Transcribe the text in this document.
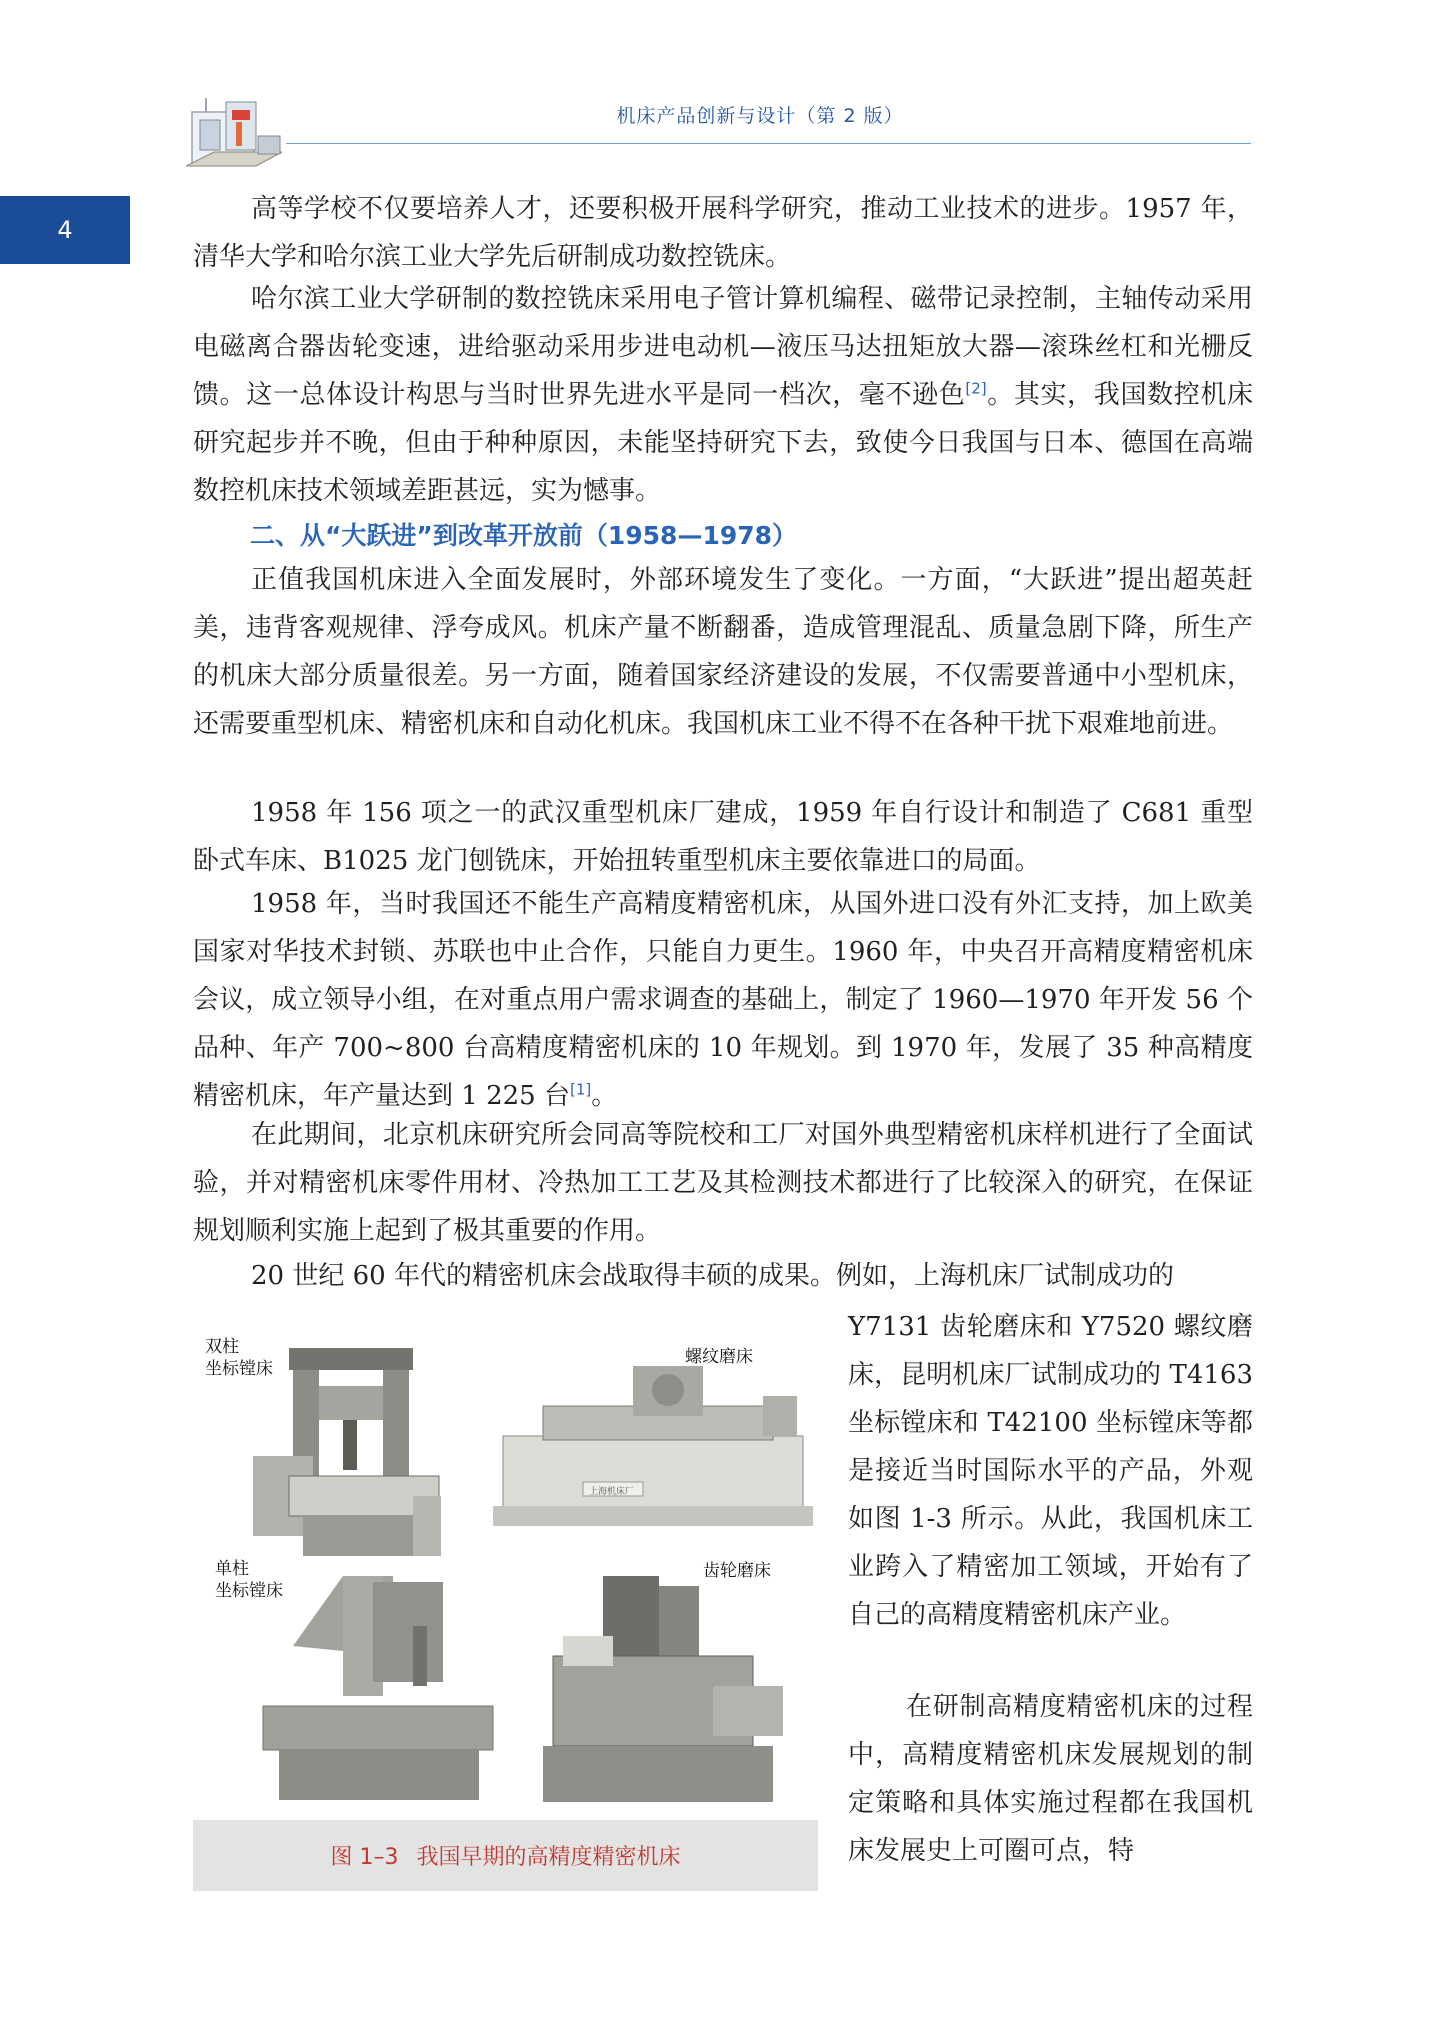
机床产品创新与设计（第 2 版）
4

高等学校不仅要培养人才，还要积极开展科学研究，推动工业技术的进步。1957 年，清华大学和哈尔滨工业大学先后研制成功数控铣床。

哈尔滨工业大学研制的数控铣床采用电子管计算机编程、磁带记录控制，主轴传动采用电磁离合器齿轮变速，进给驱动采用步进电动机—液压马达扭矩放大器—滚珠丝杠和光栅反馈。这一总体设计构思与当时世界先进水平是同一档次，毫不逊色[2]。其实，我国数控机床研究起步并不晚，但由于种种原因，未能坚持研究下去，致使今日我国与日本、德国在高端数控机床技术领域差距甚远，实为憾事。

二、从“大跃进”到改革开放前（1958—1978）

正值我国机床进入全面发展时，外部环境发生了变化。一方面，“大跃进”提出超英赶美，违背客观规律、浮夸成风。机床产量不断翻番，造成管理混乱、质量急剧下降，所生产的机床大部分质量很差。另一方面，随着国家经济建设的发展，不仅需要普通中小型机床，还需要重型机床、精密机床和自动化机床。我国机床工业不得不在各种干扰下艰难地前进。

1958 年 156 项之一的武汉重型机床厂建成，1959 年自行设计和制造了 C681 重型卧式车床、B1025 龙门刨铣床，开始扭转重型机床主要依靠进口的局面。

1958 年，当时我国还不能生产高精度精密机床，从国外进口没有外汇支持，加上欧美国家对华技术封锁、苏联也中止合作，只能自力更生。1960 年，中央召开高精度精密机床会议，成立领导小组，在对重点用户需求调查的基础上，制定了 1960—1970 年开发 56 个品种、年产 700~800 台高精度精密机床的 10 年规划。到 1970 年，发展了 35 种高精度精密机床，年产量达到 1 225 台[1]。

在此期间，北京机床研究所会同高等院校和工厂对国外典型精密机床样机进行了全面试验，并对精密机床零件用材、冷热加工工艺及其检测技术都进行了比较深入的研究，在保证规划顺利实施上起到了极其重要的作用。

20 世纪 60 年代的精密机床会战取得丰硕的成果。例如，上海机床厂试制成功的

Y7131 齿轮磨床和 Y7520 螺纹磨床，昆明机床厂试制成功的 T4163 坐标镗床和 T42100 坐标镗床等都是接近当时国际水平的产品，外观如图 1-3 所示。从此，我国机床工业跨入了精密加工领域，开始有了自己的高精度精密机床产业。

在研制高精度精密机床的过程中，高精度精密机床发展规划的制定策略和具体实施过程都在我国机床发展史上可圈可点，特

双柱
坐标镗床
螺纹磨床
上海机床厂
单柱
坐标镗床
齿轮磨床
图 1–3 我国早期的高精度精密机床
